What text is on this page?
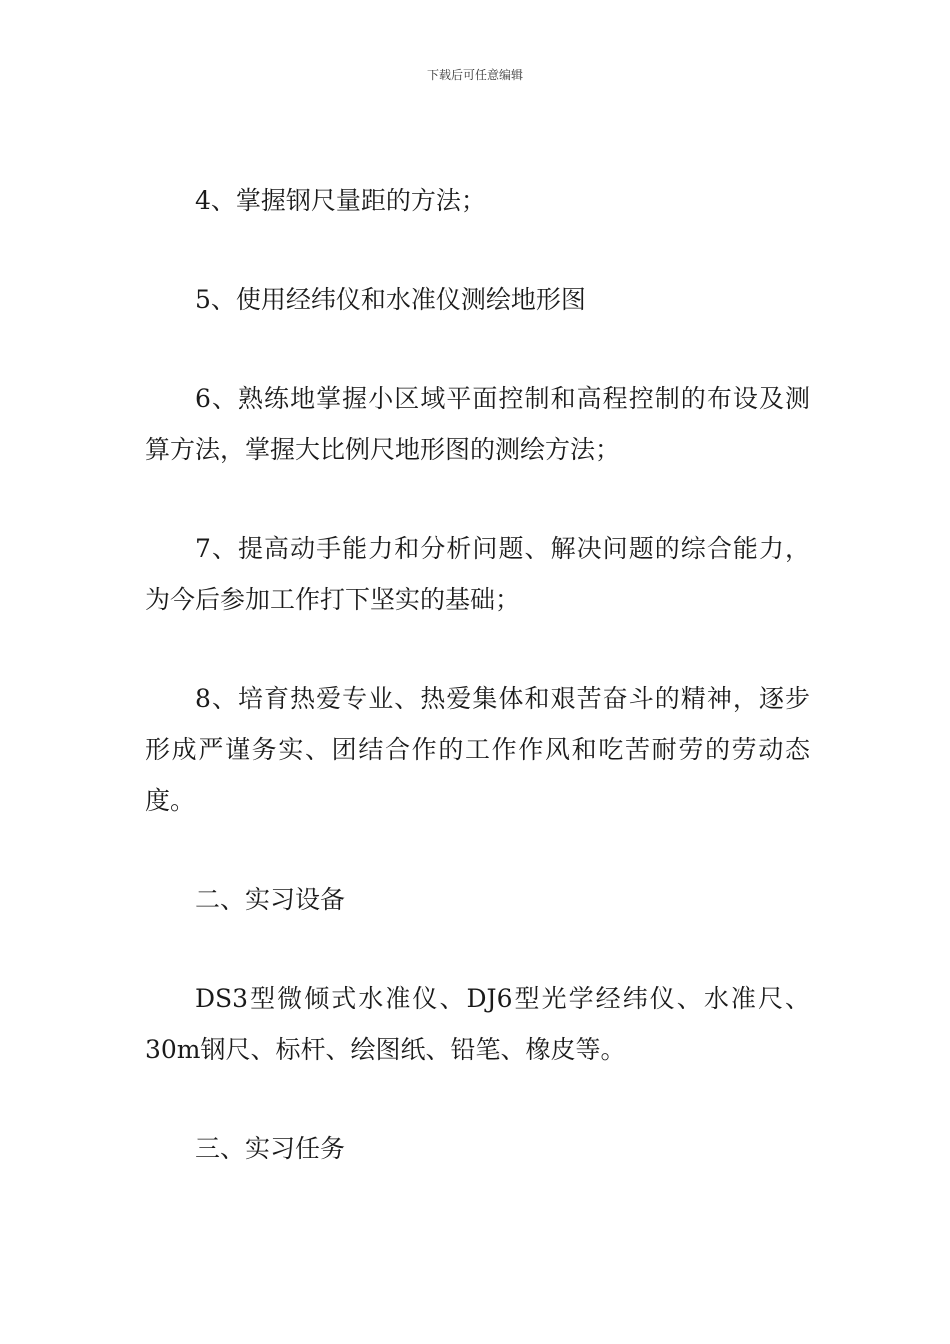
下载后可任意编辑

4、掌握钢尺量距的方法；

5、使用经纬仪和水准仪测绘地形图

6、熟练地掌握小区域平面控制和高程控制的布设及测算方法，掌握大比例尺地形图的测绘方法；

7、提高动手能力和分析问题、解决问题的综合能力，为今后参加工作打下坚实的基础；

8、培育热爱专业、热爱集体和艰苦奋斗的精神，逐步形成严谨务实、团结合作的工作作风和吃苦耐劳的劳动态度。

二、实习设备

DS3型微倾式水准仪、DJ6型光学经纬仪、水准尺、30m钢尺、标杆、绘图纸、铅笔、橡皮等。

三、实习任务
